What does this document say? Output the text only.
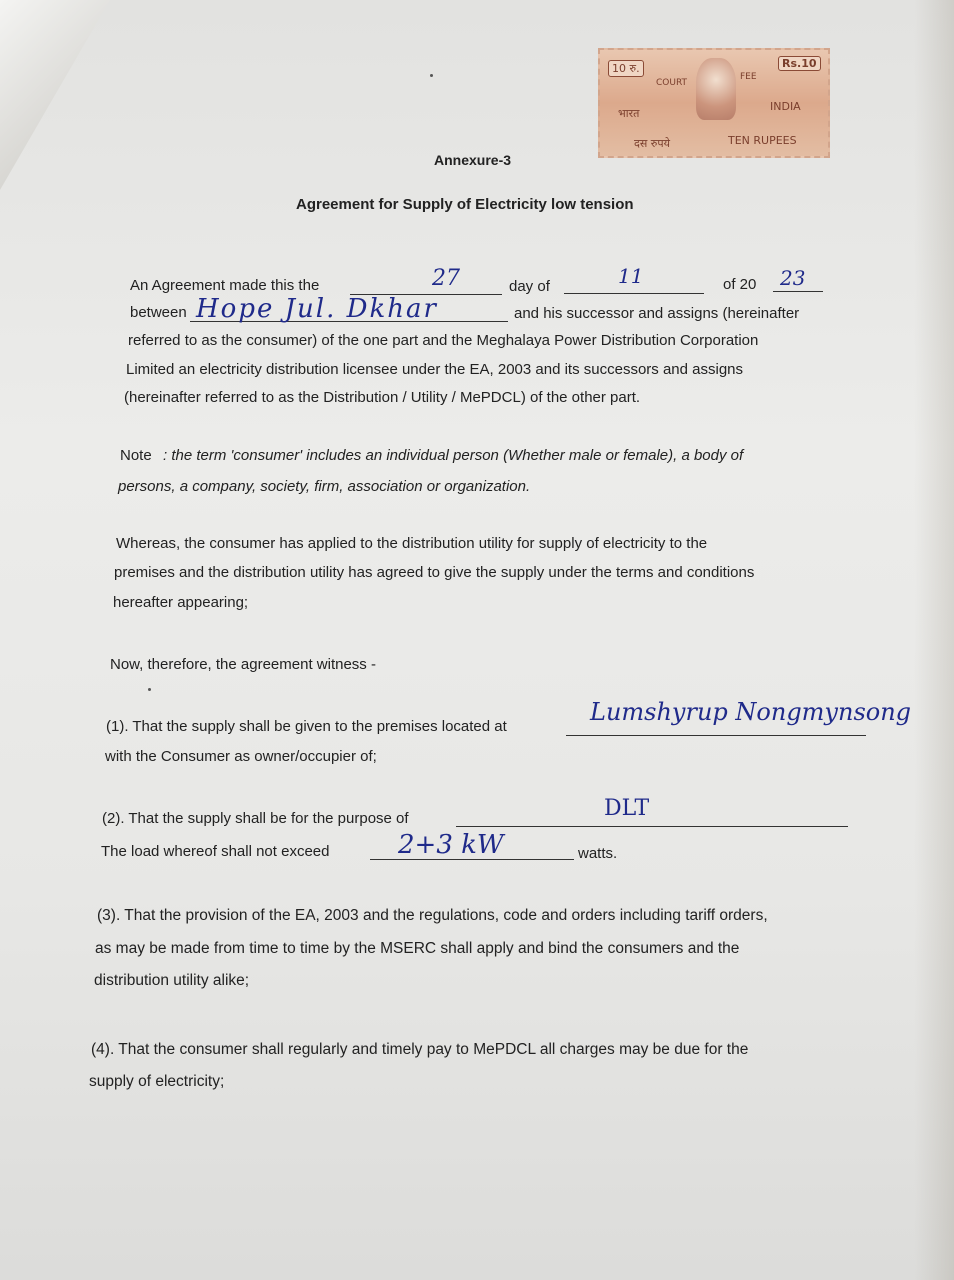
10 रु.	Rs.10
COURT
FEE
भारत
INDIA
दस रुपये	TEN RUPEES
Annexure-3
Agreement for Supply of Electricity low tension
An Agreement made this the	27	day of	11	of 20 23
between Hope Jul. Dkhar	and his successor and assigns (hereinafter
referred to as the consumer) of the one part and the Meghalaya Power Distribution Corporation
Limited an electricity distribution licensee under the EA, 2003 and its successors and assigns
(hereinafter referred to as the Distribution / Utility / MePDCL) of the other part.
Note : the term 'consumer' includes an individual person (Whether male or female), a body of
persons, a company, society, firm, association or organization.
Whereas, the consumer has applied to the distribution utility for supply of electricity to the
premises and the distribution utility has agreed to give the supply under the terms and conditions
hereafter appearing;
Now, therefore, the agreement witness -
(1). That the supply shall be given to the premises located at
Lumshyrup Nongmynsong
with the Consumer as owner/occupier of;
(2). That the supply shall be for the purpose of	DLT
The load whereof shall not exceed	2+3 kW	watts.
(3). That the provision of the EA, 2003 and the regulations, code and orders including tariff orders,
as may be made from time to time by the MSERC shall apply and bind the consumers and the
distribution utility alike;
(4). That the consumer shall regularly and timely pay to MePDCL all charges may be due for the
supply of electricity;
